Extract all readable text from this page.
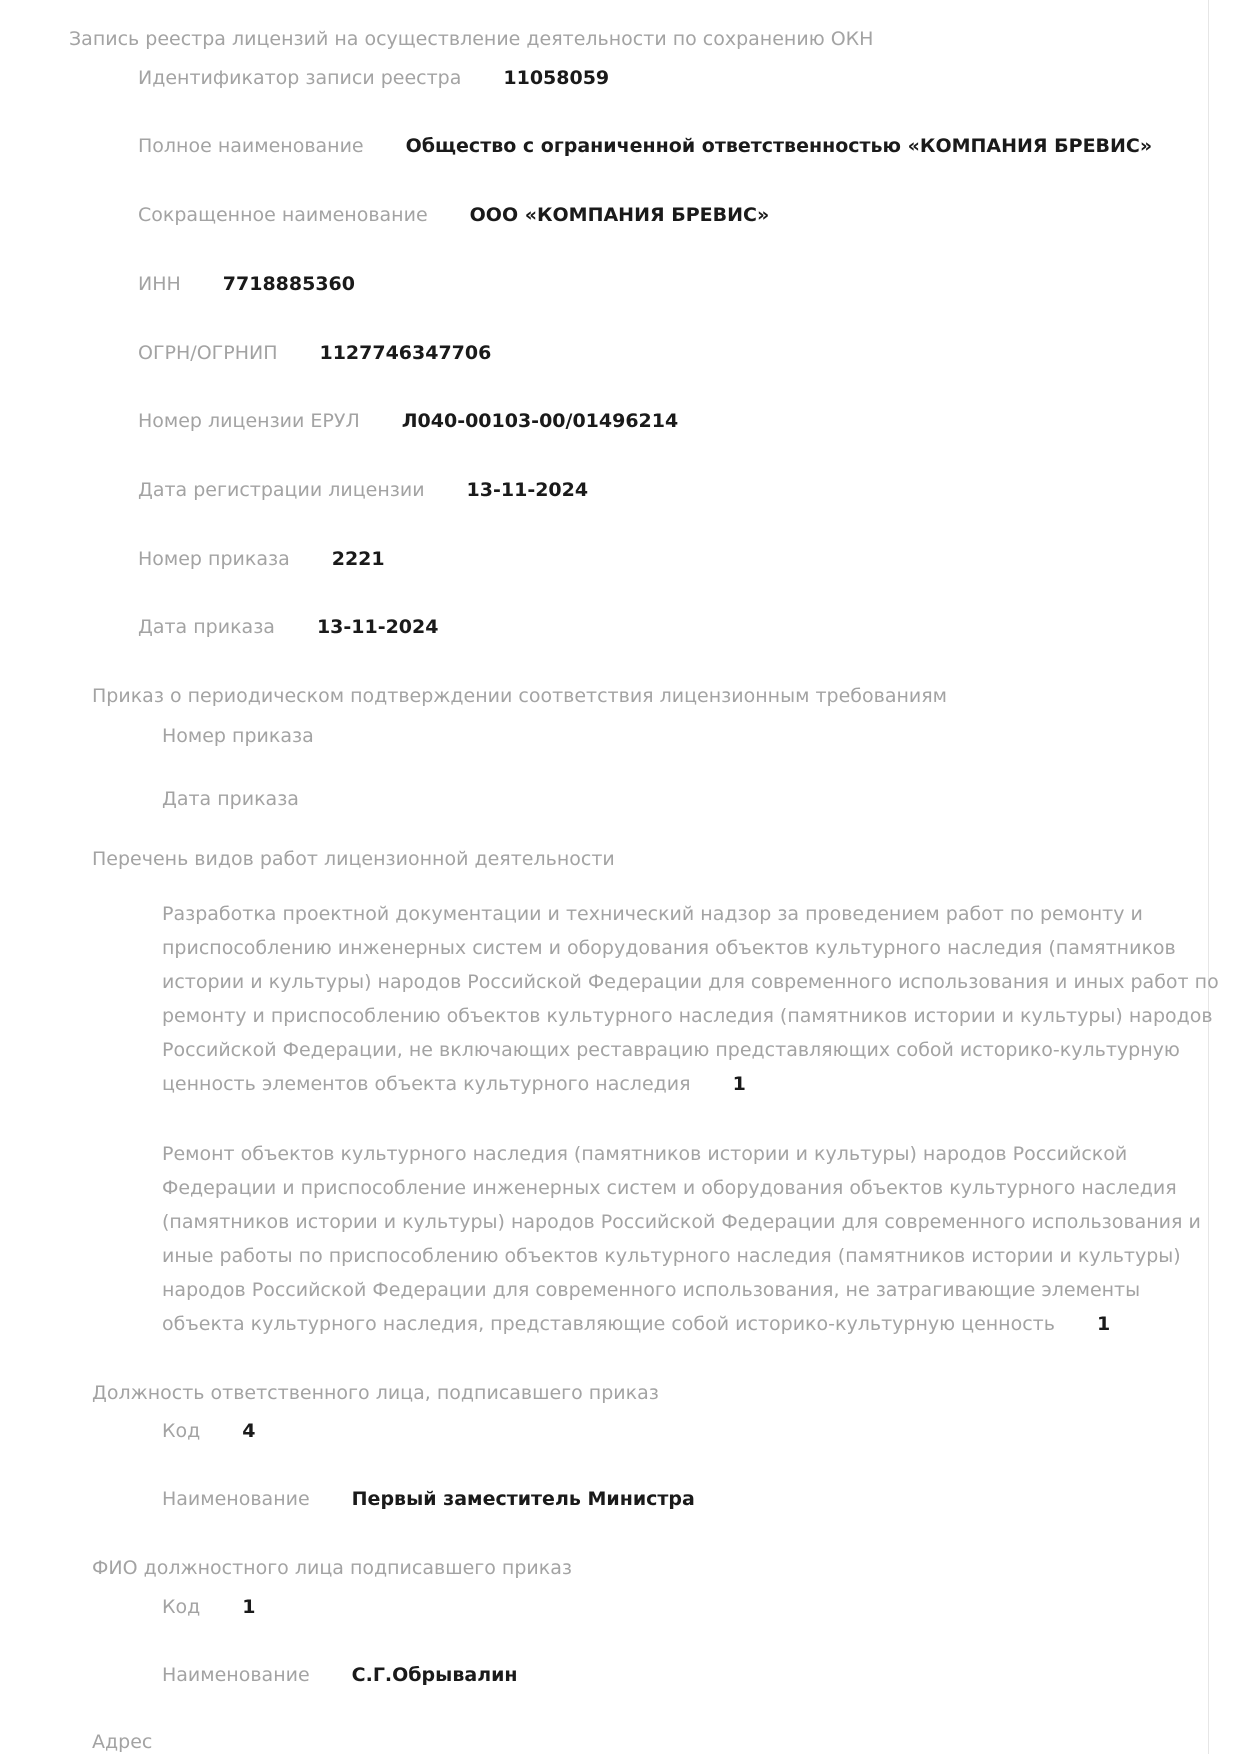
Запись реестра лицензий на осуществление деятельности по сохранению ОКН
Идентификатор записи реестра 11058059
Полное наименование Общество с ограниченной ответственностью «КОМПАНИЯ БРЕВИС»
Сокращенное наименование ООО «КОМПАНИЯ БРЕВИС»
ИНН 7718885360
ОГРН/ОГРНИП 1127746347706
Номер лицензии ЕРУЛ Л040-00103-00/01496214
Дата регистрации лицензии 13-11-2024
Номер приказа 2221
Дата приказа 13-11-2024
Приказ о периодическом подтверждении соответствия лицензионным требованиям
Номер приказа
Дата приказа
Перечень видов работ лицензионной деятельности
Разработка проектной документации и технический надзор за проведением работ по ремонту и приспособлению инженерных систем и оборудования объектов культурного наследия (памятников истории и культуры) народов Российской Федерации для современного использования и иных работ по ремонту и приспособлению объектов культурного наследия (памятников истории и культуры) народов Российской Федерации, не включающих реставрацию представляющих собой историко-культурную ценность элементов объекта культурного наследия 1
Ремонт объектов культурного наследия (памятников истории и культуры) народов Российской Федерации и приспособление инженерных систем и оборудования объектов культурного наследия (памятников истории и культуры) народов Российской Федерации для современного использования и иные работы по приспособлению объектов культурного наследия (памятников истории и культуры) народов Российской Федерации для современного использования, не затрагивающие элементы объекта культурного наследия, представляющие собой историко-культурную ценность 1
Должность ответственного лица, подписавшего приказ
Код 4
Наименование Первый заместитель Министра
ФИО должностного лица подписавшего приказ
Код 1
Наименование С.Г.Обрывалин
Адрес
